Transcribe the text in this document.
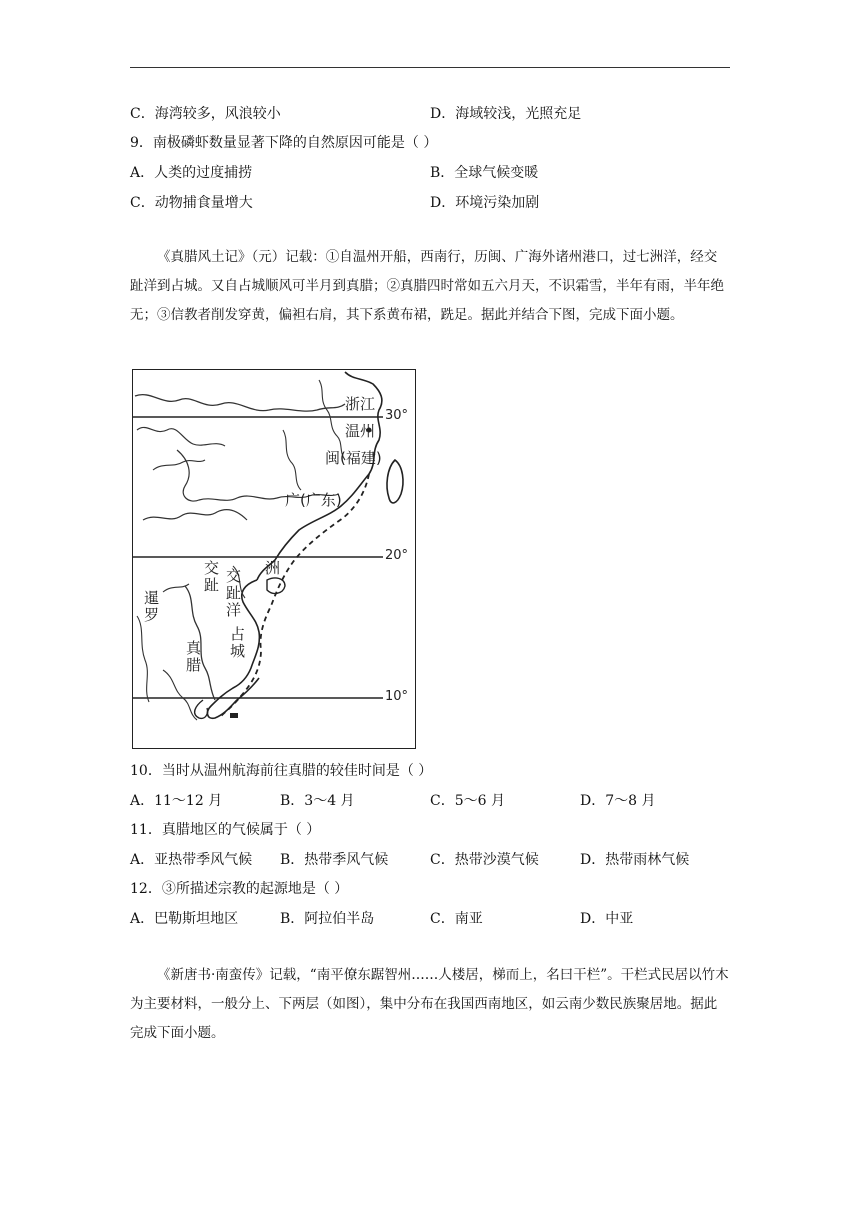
C．海湾较多，风浪较小	D．海域较浅，光照充足
9．南极磷虾数量显著下降的自然原因可能是（ ）
A．人类的过度捕捞	B．全球气候变暖
C．动物捕食量增大	D．环境污染加剧

《真腊风土记》（元）记载：①自温州开船，西南行，历闽、广海外诸州港口，过七洲洋，经交趾洋到占城。又自占城顺风可半月到真腊；②真腊四时常如五六月天，不识霜雪，半年有雨，半年绝无；③信教者削发穿黄，偏袒右肩，其下系黄布裙，跣足。据此并结合下图，完成下面小题。

浙江
温州
闽(福建)
广(广东)
交趾 交趾洋 洲
暹罗
真腊 占城
30°
20°
10°
10．当时从温州航海前往真腊的较佳时间是（ ）
A．11～12 月	B．3～4 月	C．5～6 月	D．7～8 月
11．真腊地区的气候属于（ ）
A．亚热带季风气候 B．热带季风气候	C．热带沙漠气候	D．热带雨林气候
12．③所描述宗教的起源地是（ ）
A．巴勒斯坦地区	B．阿拉伯半岛	C．南亚	D．中亚

《新唐书·南蛮传》记载，“南平僚东踞智州……人楼居，梯而上，名曰干栏”。干栏式民居以竹木为主要材料，一般分上、下两层（如图），集中分布在我国西南地区，如云南少数民族聚居地。据此完成下面小题。
